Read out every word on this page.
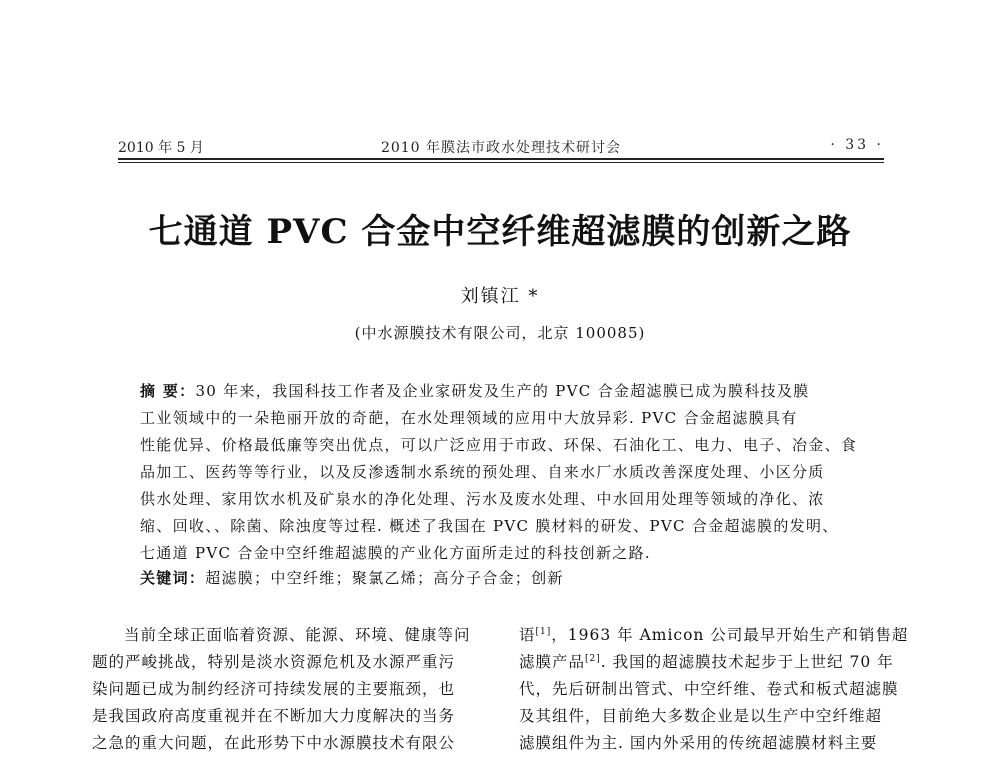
2010 年 5 月	2010 年膜法市政水处理技术研讨会	· 33 ·
七通道 PVC 合金中空纤维超滤膜的创新之路
刘镇江 *
(中水源膜技术有限公司，北京 100085)
摘 要：30 年来，我国科技工作者及企业家研发及生产的 PVC 合金超滤膜已成为膜科技及膜
工业领域中的一朵艳丽开放的奇葩，在水处理领域的应用中大放异彩. PVC 合金超滤膜具有
性能优异、价格最低廉等突出优点，可以广泛应用于市政、环保、石油化工、电力、电子、冶金、食
品加工、医药等等行业，以及反渗透制水系统的预处理、自来水厂水质改善深度处理、小区分质
供水处理、家用饮水机及矿泉水的净化处理、污水及废水处理、中水回用处理等领域的净化、浓
缩、回收、、除菌、除浊度等过程. 概述了我国在 PVC 膜材料的研发、PVC 合金超滤膜的发明、
七通道 PVC 合金中空纤维超滤膜的产业化方面所走过的科技创新之路.
关键词：超滤膜；中空纤维；聚氯乙烯；高分子合金；创新
当前全球正面临着资源、能源、环境、健康等问
题的严峻挑战，特别是淡水资源危机及水源严重污
染问题已成为制约经济可持续发展的主要瓶颈，也
是我国政府高度重视并在不断加大力度解决的当务
之急的重大问题，在此形势下中水源膜技术有限公
语[1]，1963 年 Amicon 公司最早开始生产和销售超
滤膜产品[2]. 我国的超滤膜技术起步于上世纪 70 年
代，先后研制出管式、中空纤维、卷式和板式超滤膜
及其组件，目前绝大多数企业是以生产中空纤维超
滤膜组件为主. 国内外采用的传统超滤膜材料主要
